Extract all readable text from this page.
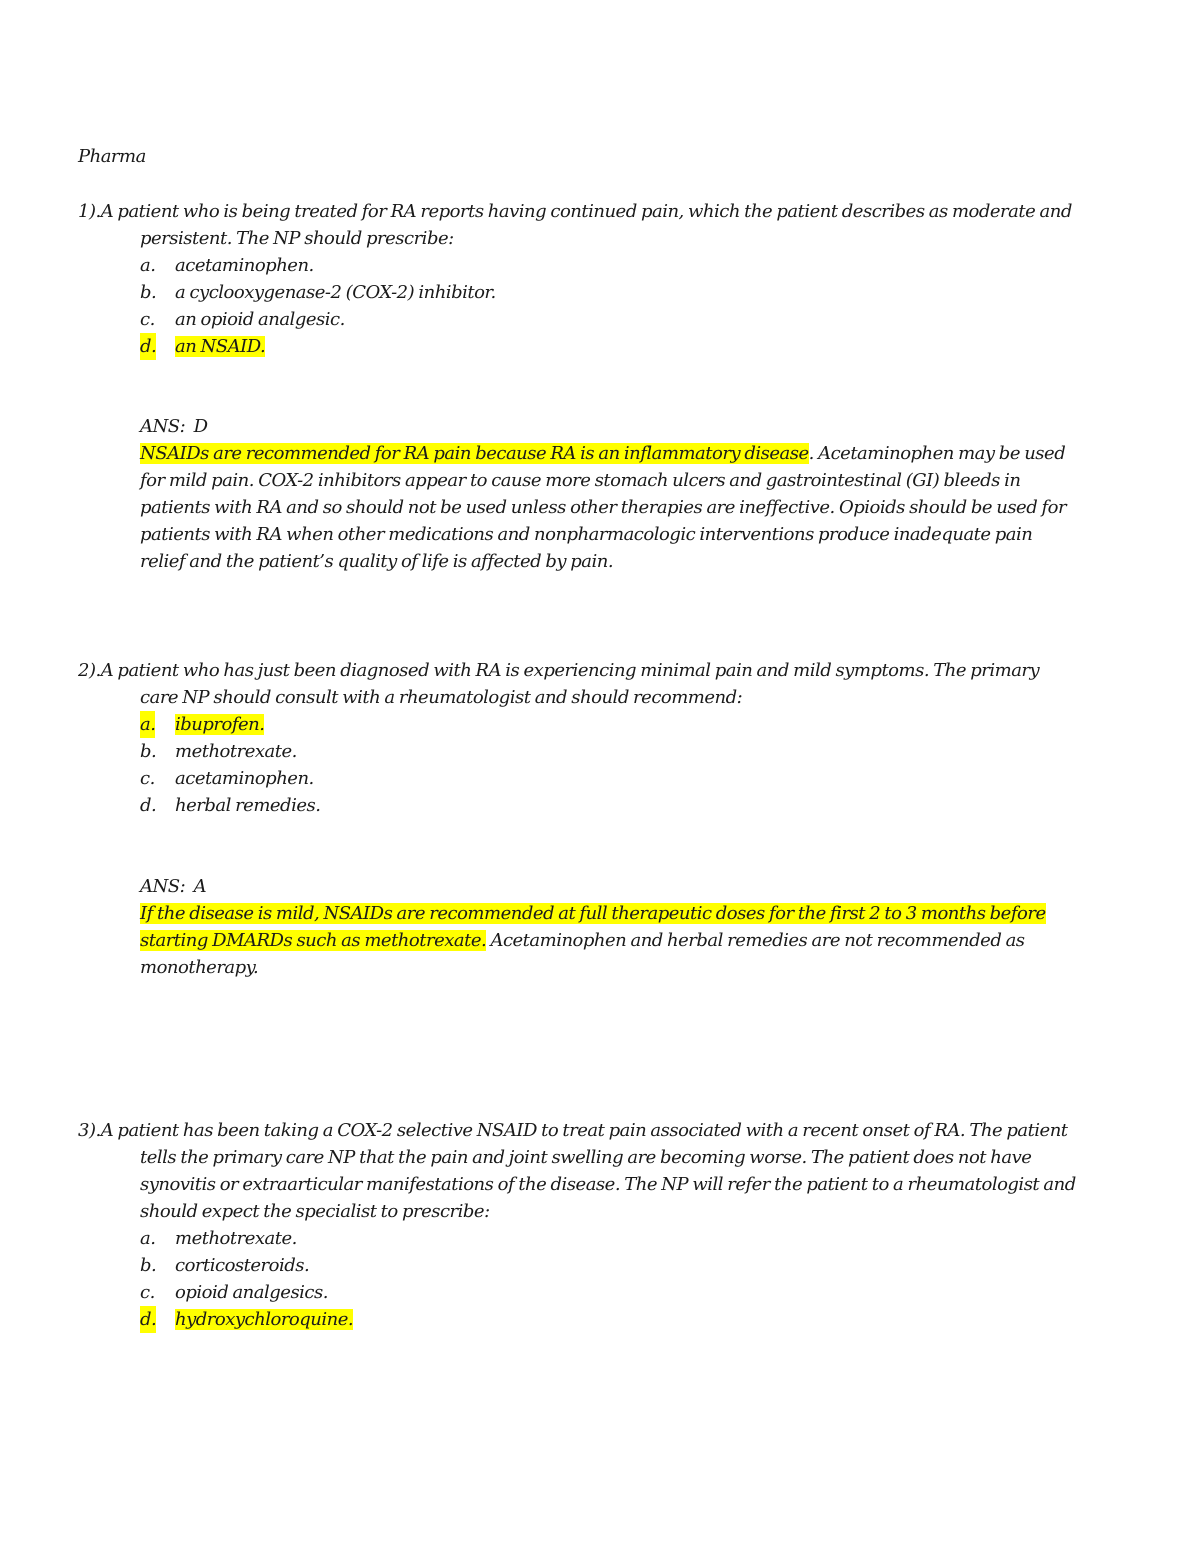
Pharma
1).A patient who is being treated for RA reports having continued pain, which the patient describes as moderate and persistent. The NP should prescribe:
a. acetaminophen.
b. a cyclooxygenase-2 (COX-2) inhibitor.
c. an opioid analgesic.
d. an NSAID.
ANS: D
NSAIDs are recommended for RA pain because RA is an inflammatory disease. Acetaminophen may be used for mild pain. COX-2 inhibitors appear to cause more stomach ulcers and gastrointestinal (GI) bleeds in patients with RA and so should not be used unless other therapies are ineffective. Opioids should be used for patients with RA when other medications and nonpharmacologic interventions produce inadequate pain relief and the patient’s quality of life is affected by pain.
2).A patient who has just been diagnosed with RA is experiencing minimal pain and mild symptoms. The primary care NP should consult with a rheumatologist and should recommend:
a. ibuprofen.
b. methotrexate.
c. acetaminophen.
d. herbal remedies.
ANS: A
If the disease is mild, NSAIDs are recommended at full therapeutic doses for the first 2 to 3 months before starting DMARDs such as methotrexate. Acetaminophen and herbal remedies are not recommended as monotherapy.
3).A patient has been taking a COX-2 selective NSAID to treat pain associated with a recent onset of RA. The patient tells the primary care NP that the pain and joint swelling are becoming worse. The patient does not have synovitis or extraarticular manifestations of the disease. The NP will refer the patient to a rheumatologist and should expect the specialist to prescribe:
a. methotrexate.
b. corticosteroids.
c. opioid analgesics.
d. hydroxychloroquine.
